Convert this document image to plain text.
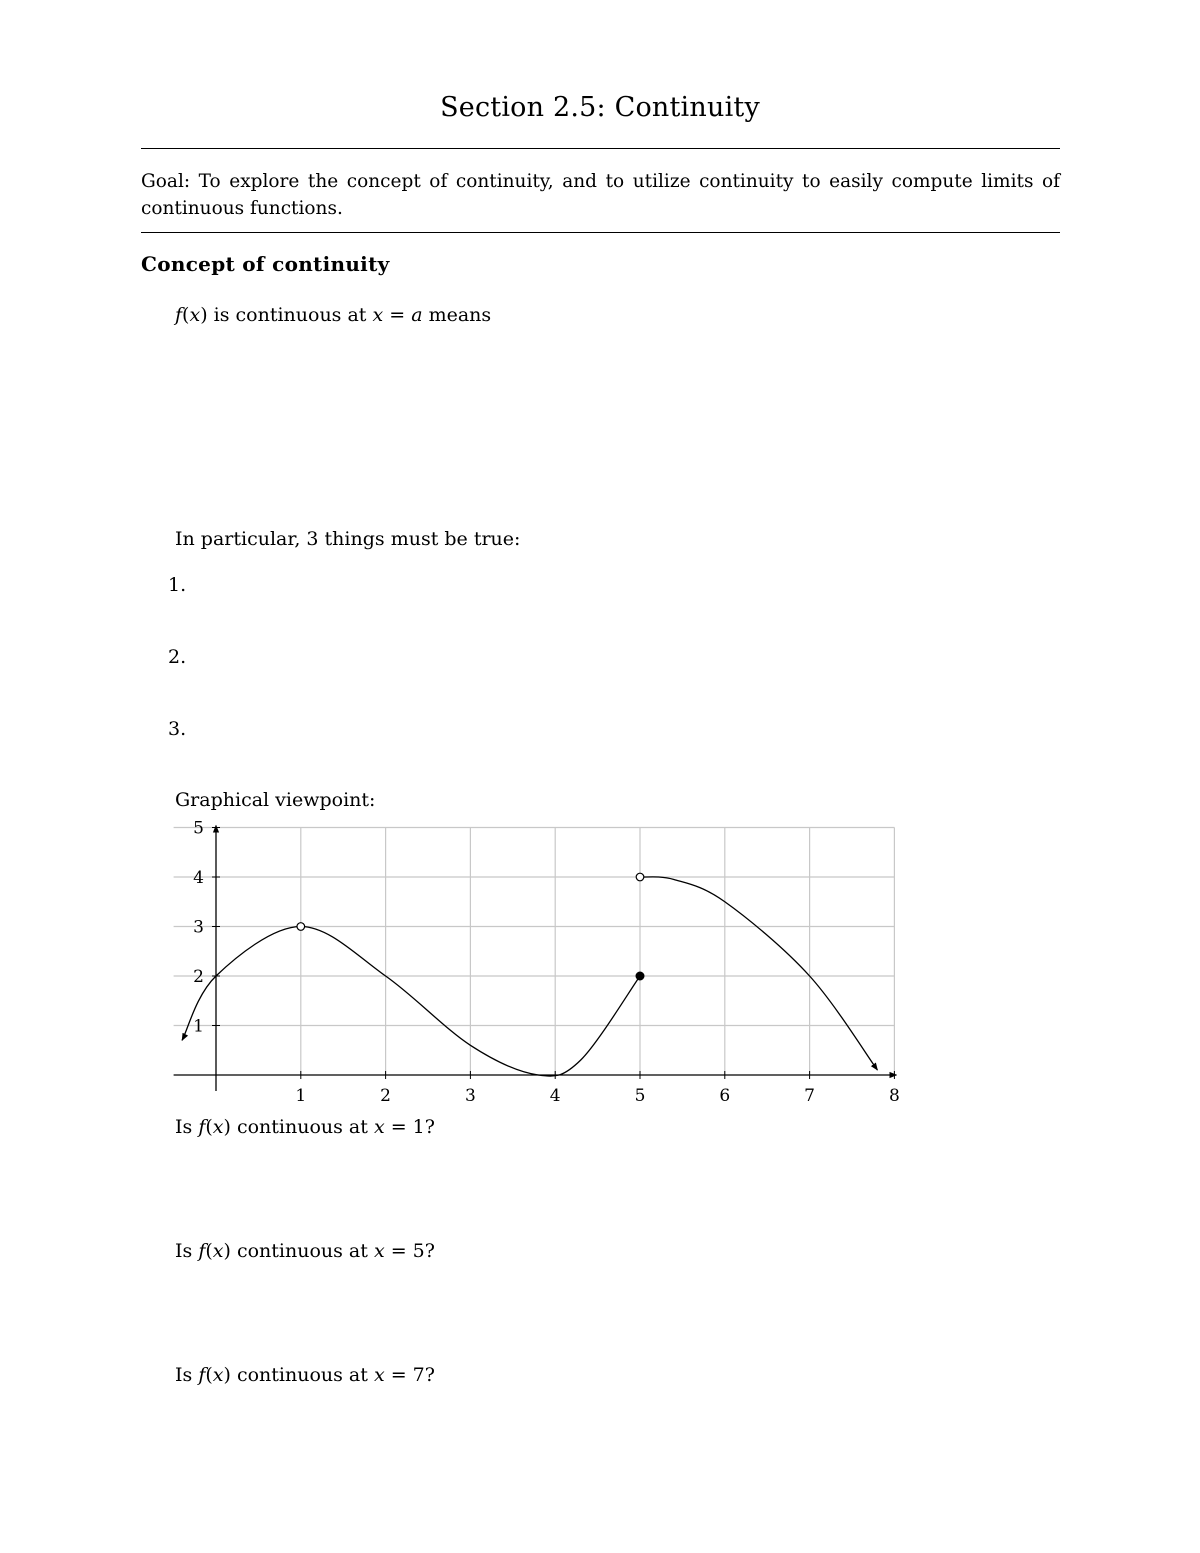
Section 2.5: Continuity
Goal: To explore the concept of continuity, and to utilize continuity to easily compute limits of continuous functions.
Concept of continuity
f(x) is continuous at x = a means
In particular, 3 things must be true:
1.
2.
3.
Graphical viewpoint:
1	2	3	4	5	6	7	8
1
2
3
4
5
Is f(x) continuous at x = 1?
Is f(x) continuous at x = 5?
Is f(x) continuous at x = 7?
